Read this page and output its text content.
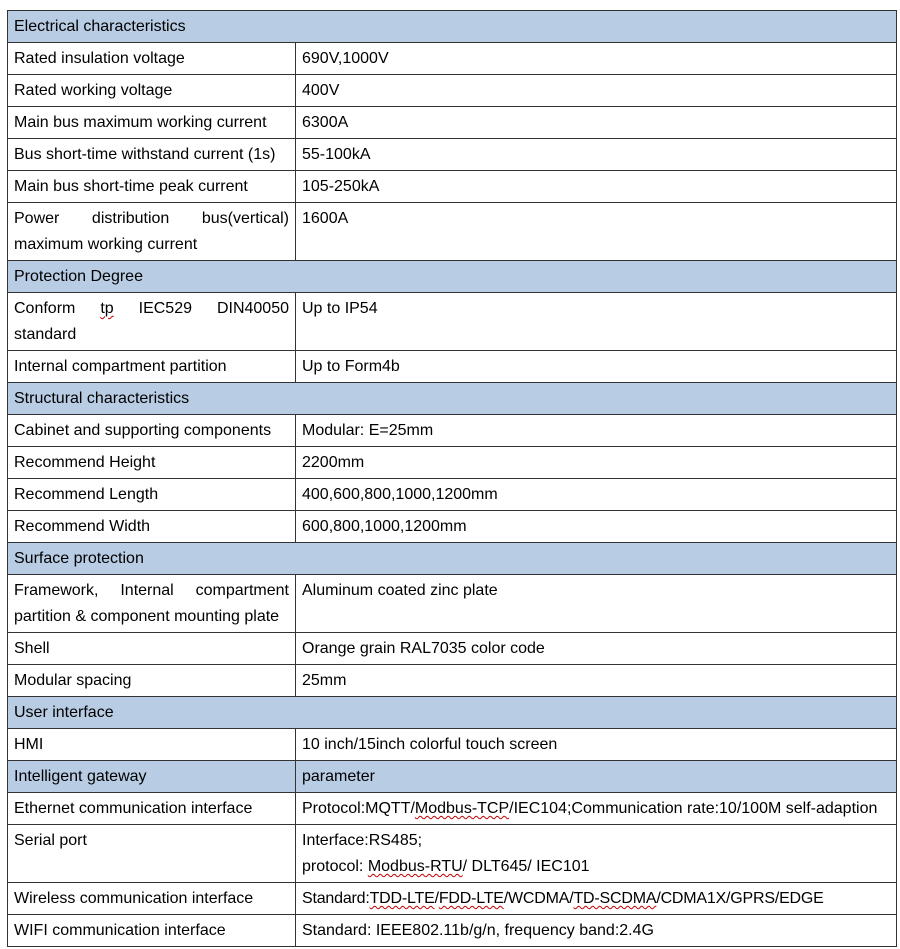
Electrical characteristics	
Rated insulation voltage	690V,1000V
Rated working voltage	400V
Main bus maximum working current	6300A
Bus short-time withstand current (1s)	55-100kA
Main bus short-time peak current	105-250kA
Power distribution bus(vertical) maximum working current	1600A
Protection Degree	
Conform tp IEC529 DIN40050 standard	Up to IP54
Internal compartment partition	Up to Form4b
Structural characteristics	
Cabinet and supporting components	Modular: E=25mm
Recommend Height	2200mm
Recommend Length	400,600,800,1000,1200mm
Recommend Width	600,800,1000,1200mm
Surface protection	
Framework, Internal compartment partition & component mounting plate	Aluminum coated zinc plate
Shell	Orange grain RAL7035 color code
Modular spacing	25mm
User interface	
HMI	10 inch/15inch colorful touch screen
Intelligent gateway	parameter
Ethernet communication interface	Protocol:MQTT/Modbus-TCP/IEC104;Communication rate:10/100M self-adaption
Serial port	Interface:RS485;
protocol: Modbus-RTU/ DLT645/ IEC101

Wireless communication interface	Standard:TDD-LTE/FDD-LTE/WCDMA/TD-SCDMA/CDMA1X/GPRS/EDGE
WIFI communication interface	Standard: IEEE802.11b/g/n, frequency band:2.4G
